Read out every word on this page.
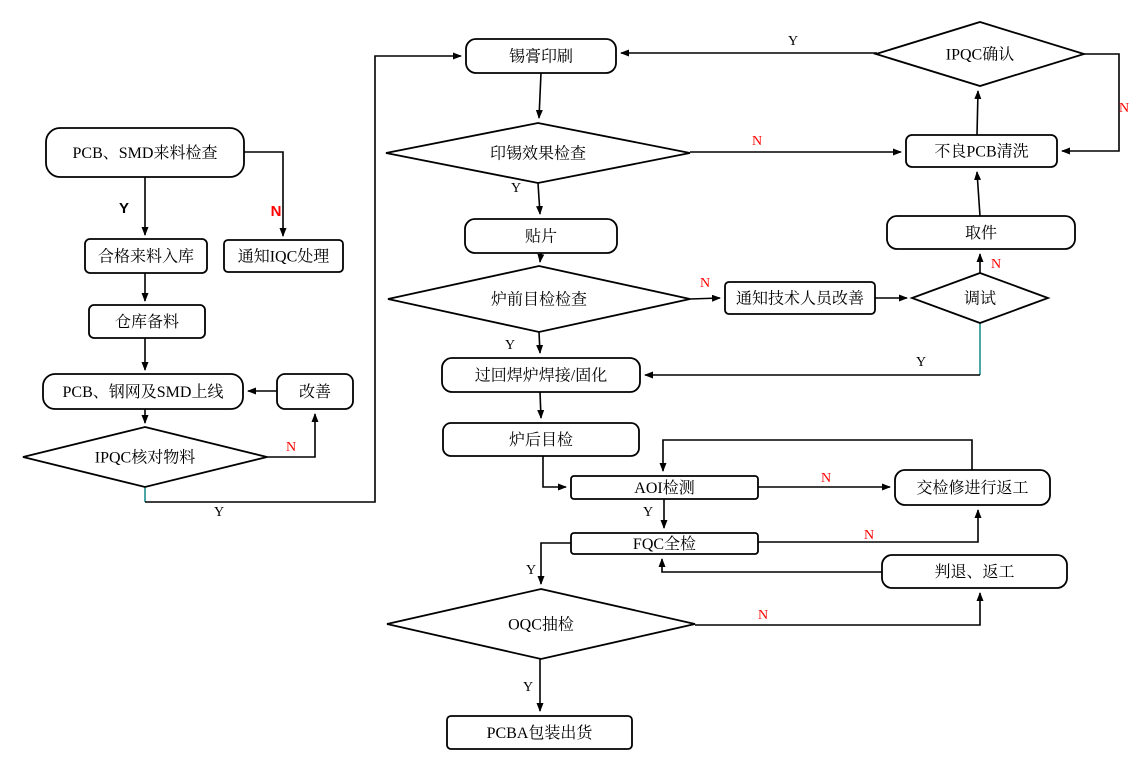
PCB、SMD来料检查
合格来料入库	通知IQC处理
仓库备料
PCB、钢网及SMD上线	改善
IPQC核对物料
锡膏印刷
印锡效果检查
贴片
炉前目检检查	通知技术人员改善	调试
取件
过回焊炉焊接/固化
炉后目检
AOI检测
FQC全检
交检修进行返工
判退、返工
OQC抽检
PCBA包装出货
不良PCB清洗
IPQC确认
Y	N
N
Y
Y
Y
N
N
Y
N
N
Y
Y
N
N
Y
N
Y
